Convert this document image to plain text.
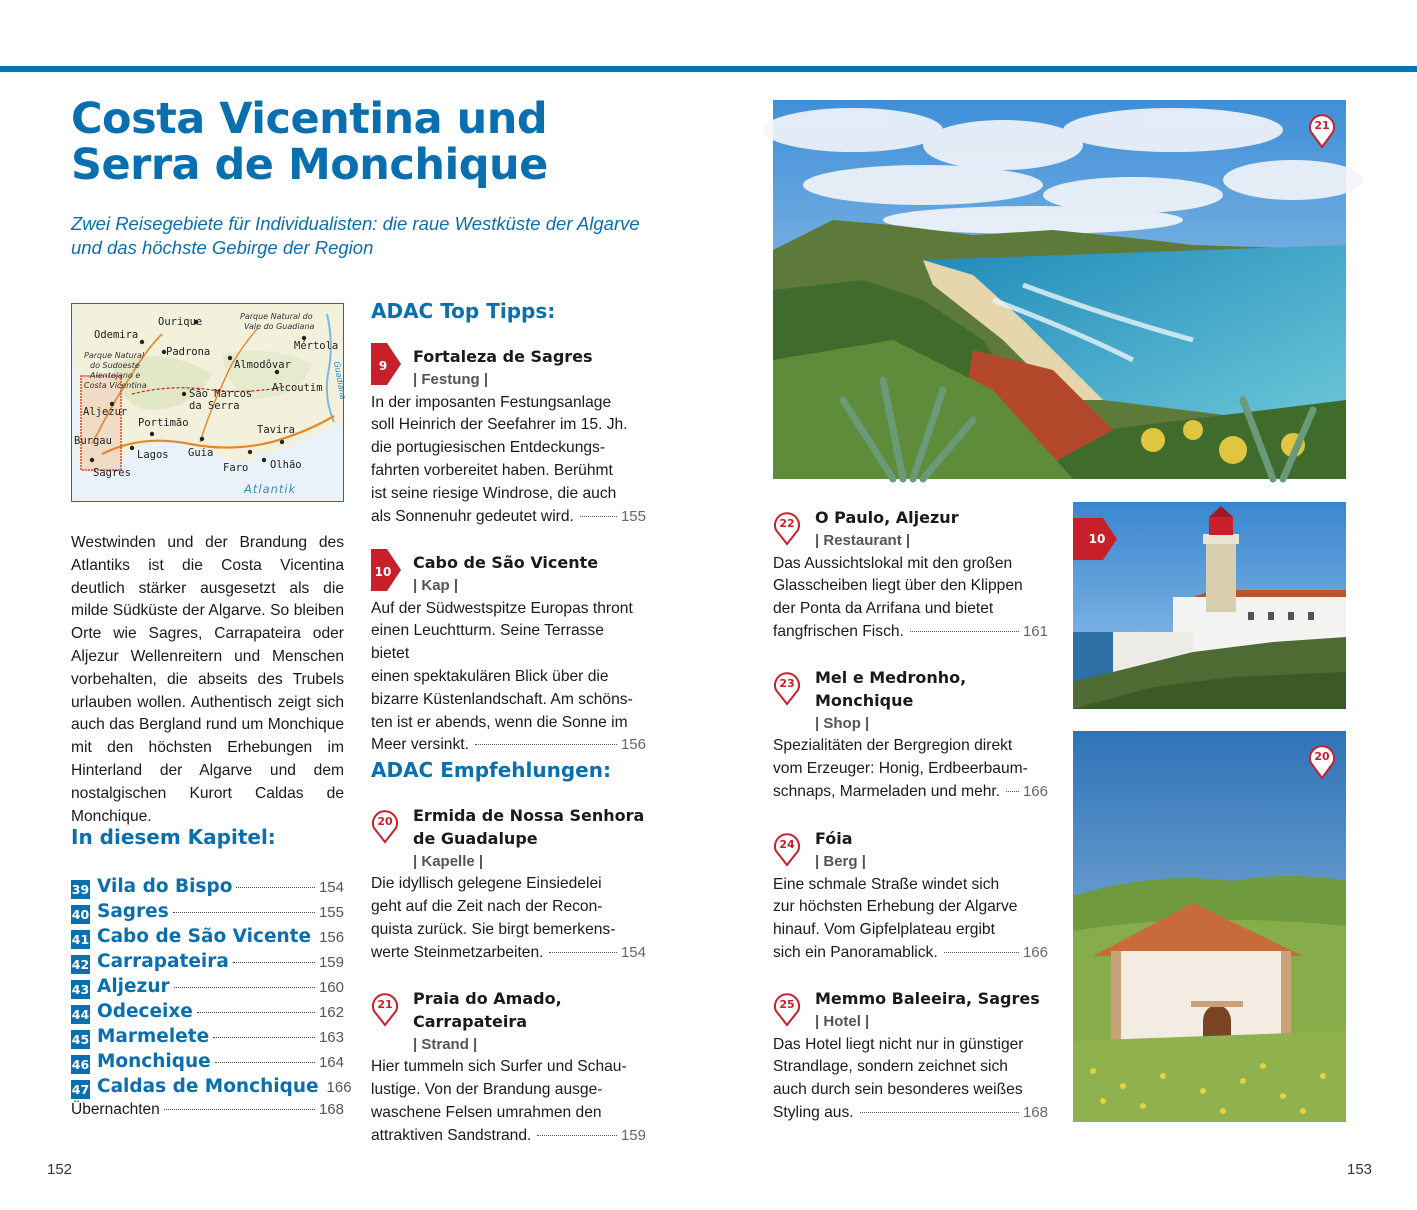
Costa Vicentina und
Serra de Monchique
Zwei Reisegebiete für Individualisten: die raue Westküste der Algarve
und das höchste Gebirge der Region
Ourique
Odemira
Mértola
Padrona
Almodôvar
Alcoutim
São Marcos
da Serra
Aljezur
Portimão
Tavira
Burgau
Guia
Lagos
Olhão
Faro
Sagres
Parque Natural do
Vale do Guadiana
Parque Natural
do Sudoeste
Alentejano e
Costa Vicentina	Guadiana
Atlantik
Westwinden und der Brandung des Atlantiks ist die Costa Vicentina deutlich stärker ausgesetzt als die milde Südküste der Algarve. So bleiben Orte wie Sagres, Carrapateira oder Aljezur Wellenreitern und Menschen vorbehalten, die abseits des Trubels urlauben wollen. Authentisch zeigt sich auch das Bergland rund um Monchique mit den höchsten Erhebungen im Hinterland der Algarve und dem nostalgischen Kurort Caldas de Monchique.
In diesem Kapitel:
39 Vila do Bispo	154
40 Sagres	155
41 Cabo de São Vicente 156
42 Carrapateira	159
43 Aljezur	160
44 Odeceixe	162
45 Marmelete	163
46 Monchique	164
47 Caldas de Monchique 166
Übernachten	168
152
ADAC Top Tipps:
9 Fortaleza de Sagres
| Festung |
In der imposanten Festungsanlage
soll Heinrich der Seefahrer im 15. Jh.
die portugiesischen Entdeckungs-
fahrten vorbereitet haben. Berühmt
ist seine riesige Windrose, die auch
als Sonnenuhr gedeutet wird.	155
10 Cabo de São Vicente
| Kap |
Auf der Südwestspitze Europas thront
einen Leuchtturm. Seine Terrasse bietet
einen spektakulären Blick über die
bizarre Küstenlandschaft. Am schöns-
ten ist er abends, wenn die Sonne im
Meer versinkt.	156
ADAC Empfehlungen:
20 Ermida de Nossa Senhora
de Guadalupe
| Kapelle |
Die idyllisch gelegene Einsiedelei
geht auf die Zeit nach der Recon-
quista zurück. Sie birgt bemerkens-
werte Steinmetzarbeiten.	154
21 Praia do Amado, Carrapateira
| Strand |
Hier tummeln sich Surfer und Schau-
lustige. Von der Brandung ausge-
waschene Felsen umrahmen den
attraktiven Sandstrand.	159
21
10
20
22 O Paulo, Aljezur
| Restaurant |
Das Aussichtslokal mit den großen
Glasscheiben liegt über den Klippen
der Ponta da Arrifana und bietet
fangfrischen Fisch.	161
23 Mel e Medronho,
Monchique
| Shop |
Spezialitäten der Bergregion direkt
vom Erzeuger: Honig, Erdbeerbaum-
schnaps, Marmeladen und mehr. 166
24 Fóia
| Berg |
Eine schmale Straße windet sich
zur höchsten Erhebung der Algarve
hinauf. Vom Gipfelplateau ergibt
sich ein Panoramablick.	166
25 Memmo Baleeira, Sagres
| Hotel |
Das Hotel liegt nicht nur in günstiger
Strandlage, sondern zeichnet sich
auch durch sein besonderes weißes
Styling aus.	168
153
